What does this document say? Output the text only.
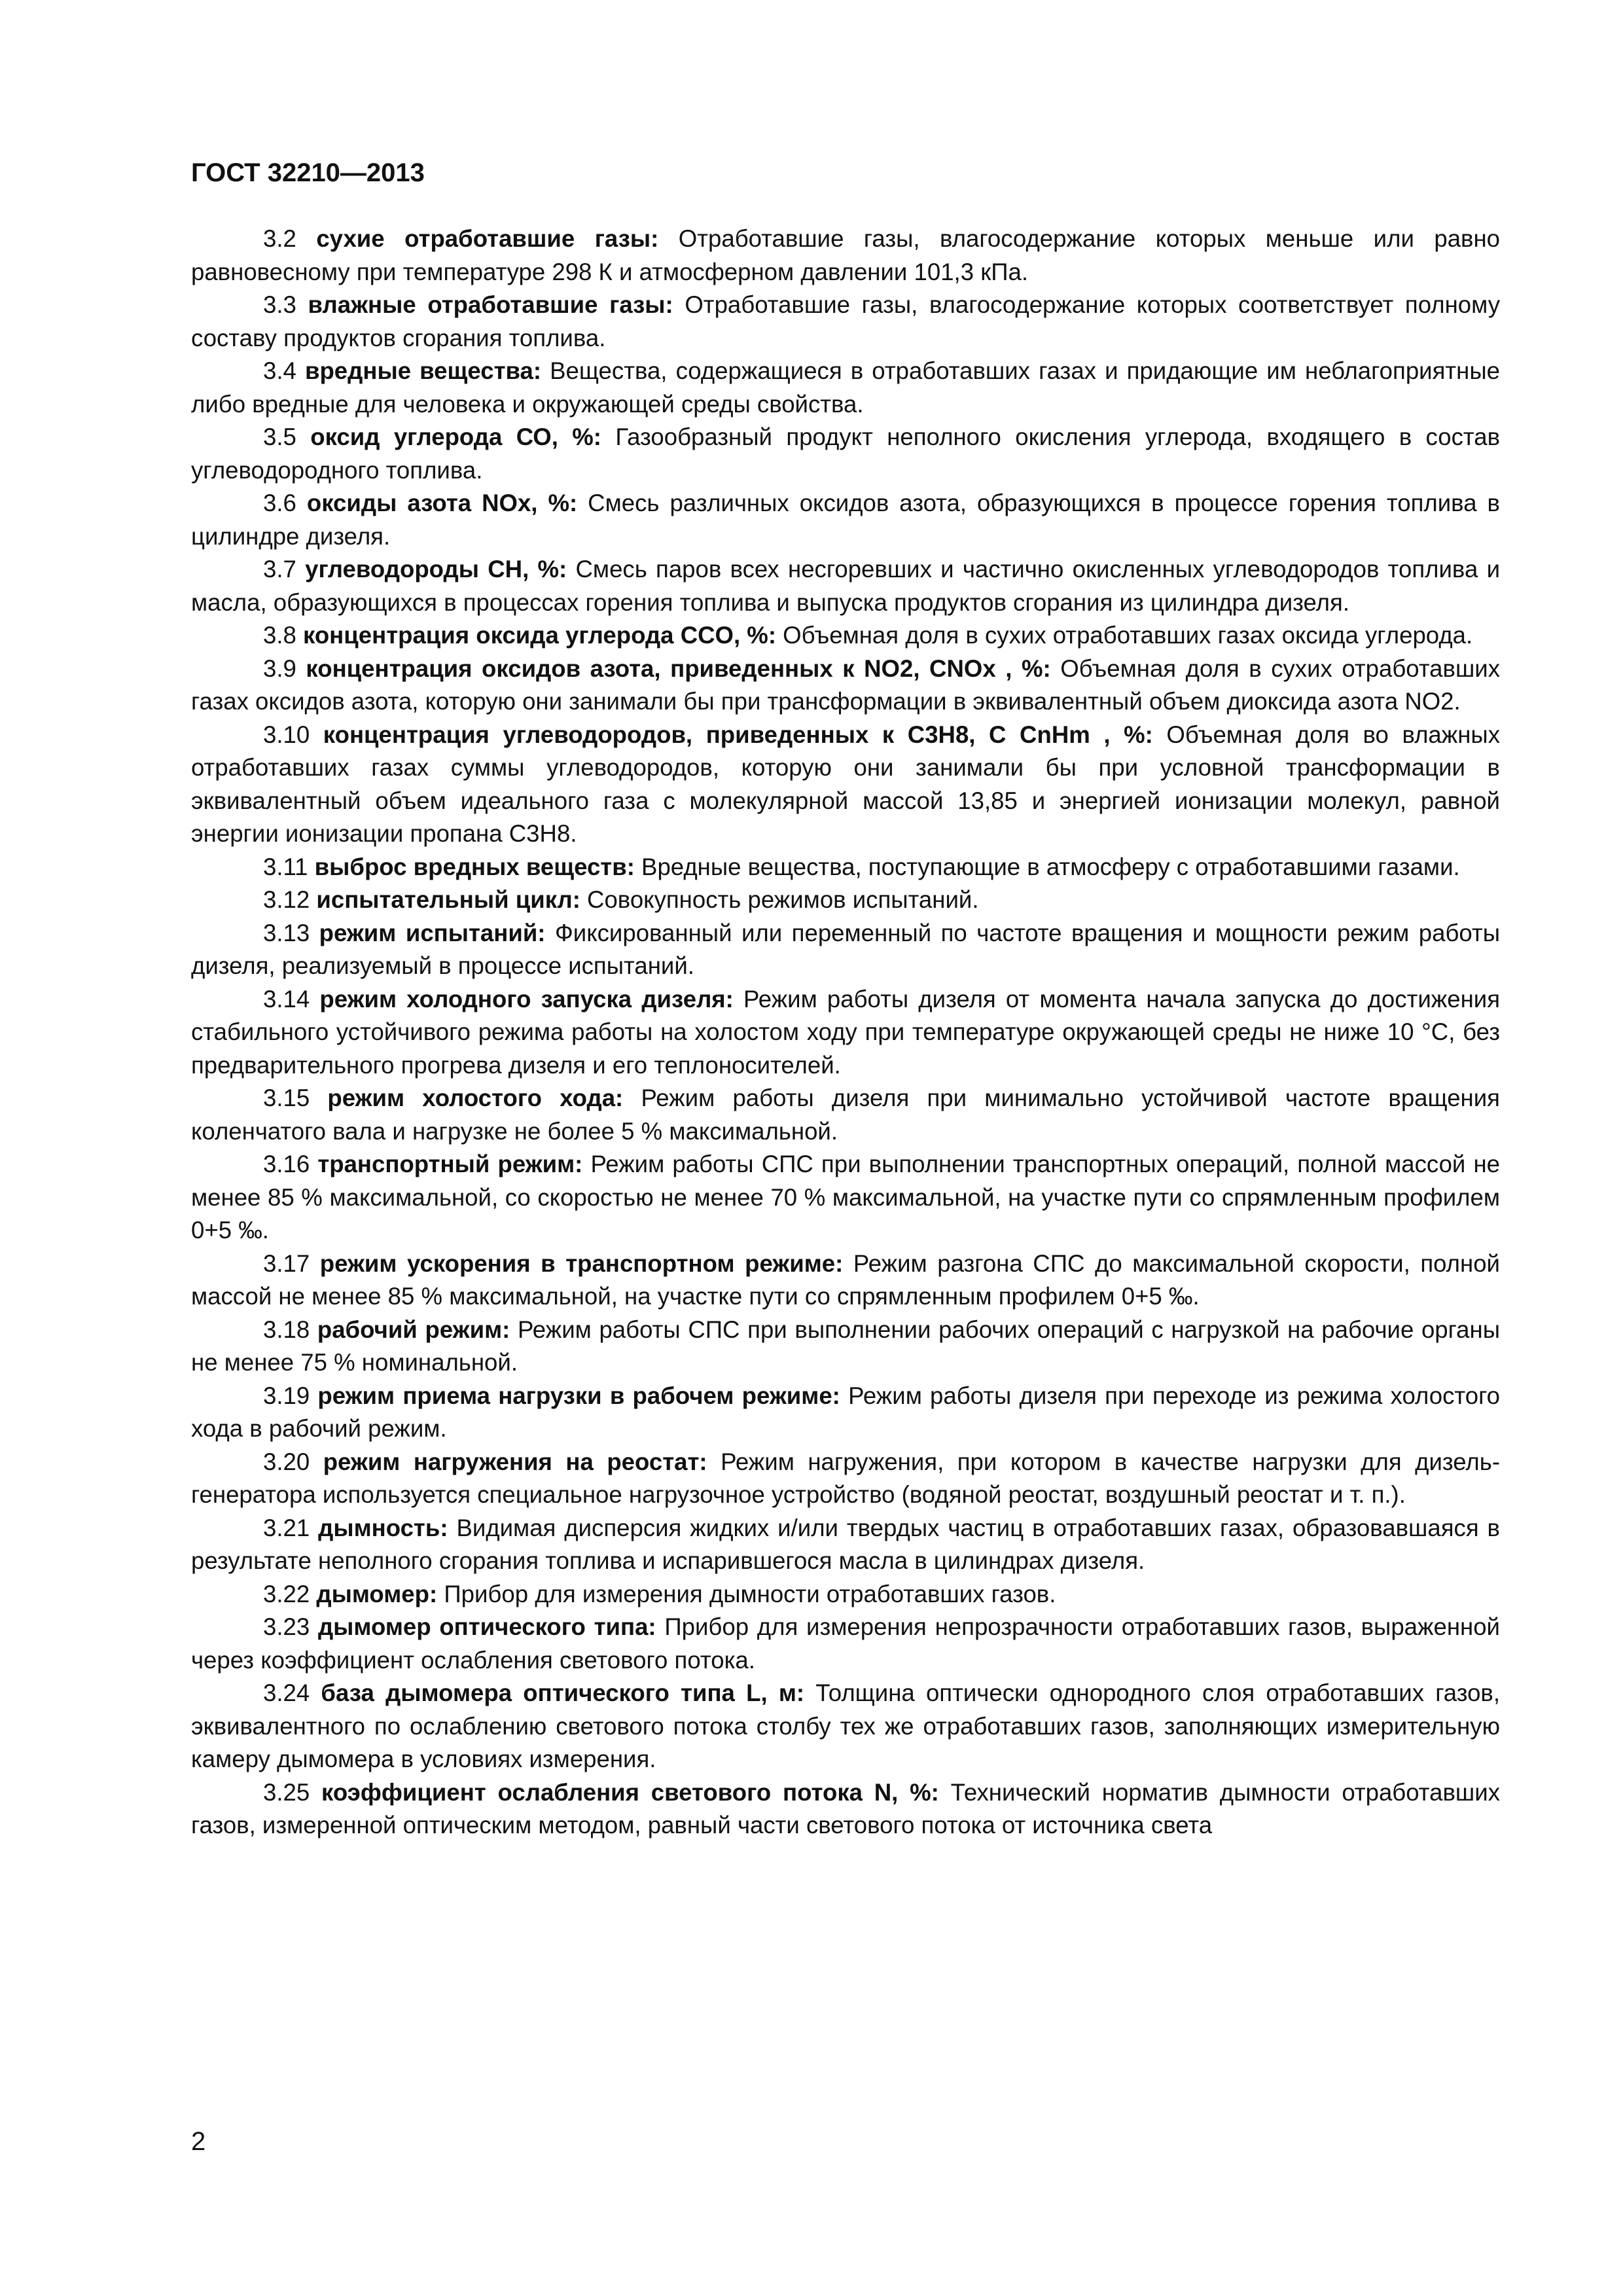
ГОСТ 32210—2013

3.2 сухие отработавшие газы: Отработавшие газы, влагосодержание которых меньше или равно равновесному при температуре 298 К и атмосферном давлении 101,3 кПа.

3.3 влажные отработавшие газы: Отработавшие газы, влагосодержание которых соответствует полному составу продуктов сгорания топлива.

3.4 вредные вещества: Вещества, содержащиеся в отработавших газах и придающие им неблагоприятные либо вредные для человека и окружающей среды свойства.

3.5 оксид углерода СО, %: Газообразный продукт неполного окисления углерода, входящего в состав углеводородного топлива.

3.6 оксиды азота NOx, %: Смесь различных оксидов азота, образующихся в процессе горения топлива в цилиндре дизеля.

3.7 углеводороды СН, %: Смесь паров всех несгоревших и частично окисленных углеводородов топлива и масла, образующихся в процессах горения топлива и выпуска продуктов сгорания из цилиндра дизеля.

3.8 концентрация оксида углерода CCO, %: Объемная доля в сухих отработавших газах оксида углерода.

3.9 концентрация оксидов азота, приведенных к NO2, CNOx , %: Объемная доля в сухих отработавших газах оксидов азота, которую они занимали бы при трансформации в эквивалентный объем диоксида азота NO2.

3.10 концентрация углеводородов, приведенных к C3H8, C CnHm , %: Объемная доля во влажных отработавших газах суммы углеводородов, которую они занимали бы при условной трансформации в эквивалентный объем идеального газа с молекулярной массой 13,85 и энергией ионизации молекул, равной энергии ионизации пропана C3H8.

3.11 выброс вредных веществ: Вредные вещества, поступающие в атмосферу с отработавшими газами.

3.12 испытательный цикл: Совокупность режимов испытаний.

3.13 режим испытаний: Фиксированный или переменный по частоте вращения и мощности режим работы дизеля, реализуемый в процессе испытаний.

3.14 режим холодного запуска дизеля: Режим работы дизеля от момента начала запуска до достижения стабильного устойчивого режима работы на холостом ходу при температуре окружающей среды не ниже 10 °С, без предварительного прогрева дизеля и его теплоносителей.

3.15 режим холостого хода: Режим работы дизеля при минимально устойчивой частоте вращения коленчатого вала и нагрузке не более 5 % максимальной.

3.16 транспортный режим: Режим работы СПС при выполнении транспортных операций, полной массой не менее 85 % максимальной, со скоростью не менее 70 % максимальной, на участке пути со спрямленным профилем 0+5 ‰.

3.17 режим ускорения в транспортном режиме: Режим разгона СПС до максимальной скорости, полной массой не менее 85 % максимальной, на участке пути со спрямленным профилем 0+5 ‰.

3.18 рабочий режим: Режим работы СПС при выполнении рабочих операций с нагрузкой на рабочие органы не менее 75 % номинальной.

3.19 режим приема нагрузки в рабочем режиме: Режим работы дизеля при переходе из режима холостого хода в рабочий режим.

3.20 режим нагружения на реостат: Режим нагружения, при котором в качестве нагрузки для дизель-генератора используется специальное нагрузочное устройство (водяной реостат, воздушный реостат и т. п.).

3.21 дымность: Видимая дисперсия жидких и/или твердых частиц в отработавших газах, образовавшаяся в результате неполного сгорания топлива и испарившегося масла в цилиндрах дизеля.

3.22 дымомер: Прибор для измерения дымности отработавших газов.

3.23 дымомер оптического типа: Прибор для измерения непрозрачности отработавших газов, выраженной через коэффициент ослабления светового потока.

3.24 база дымомера оптического типа L, м: Толщина оптически однородного слоя отработавших газов, эквивалентного по ослаблению светового потока столбу тех же отработавших газов, заполняющих измерительную камеру дымомера в условиях измерения.

3.25 коэффициент ослабления светового потока N, %: Технический норматив дымности отработавших газов, измеренной оптическим методом, равный части светового потока от источника света

2
